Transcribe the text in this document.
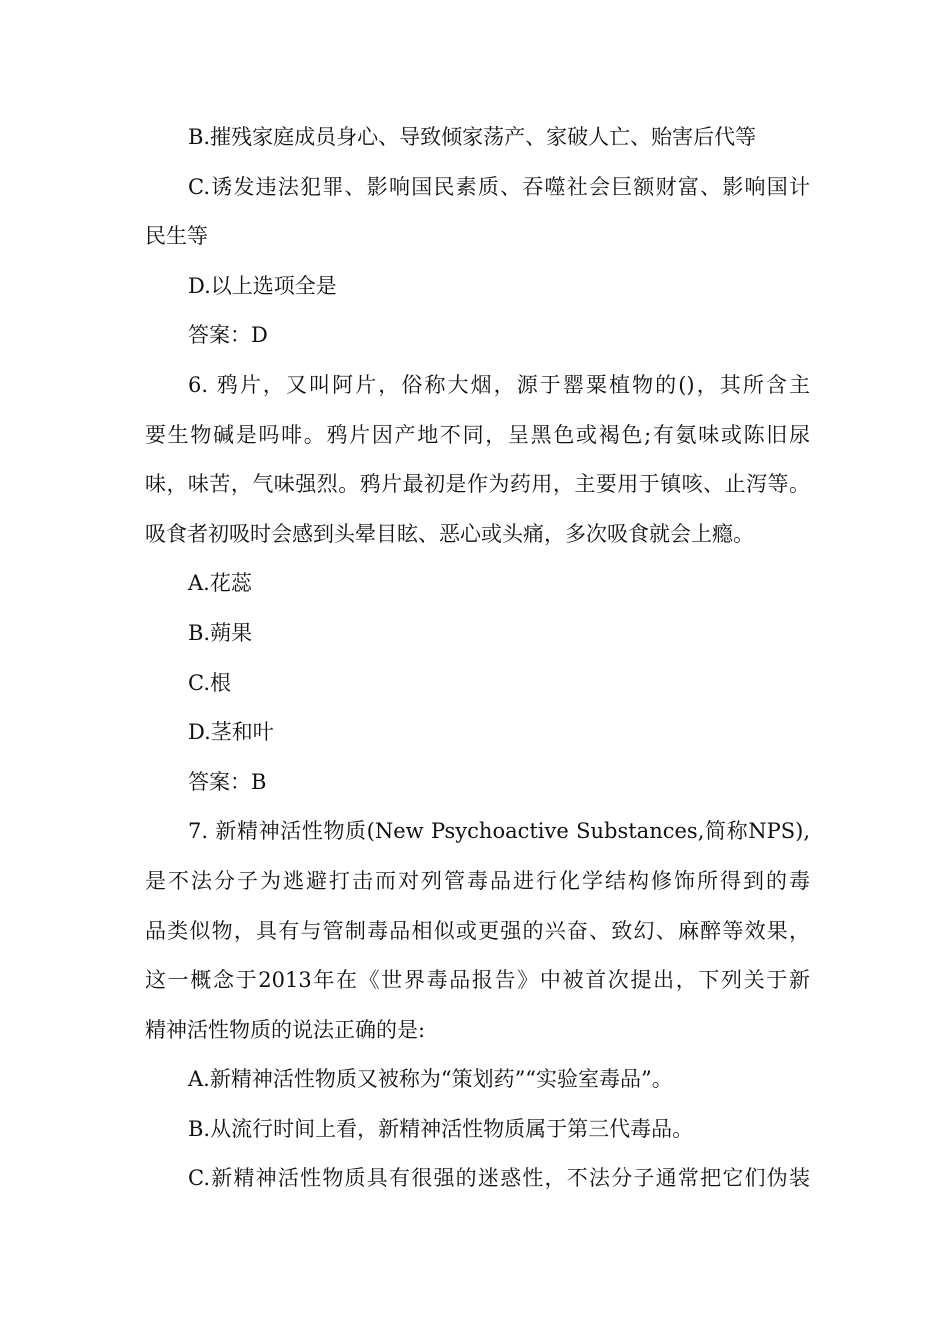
B.摧残家庭成员身心、导致倾家荡产、家破人亡、贻害后代等
C.诱发违法犯罪、影响国民素质、吞噬社会巨额财富、影响国计
民生等
D.以上选项全是
答案：D
6. 鸦片，又叫阿片，俗称大烟，源于罂粟植物的()，其所含主
要生物碱是吗啡。鸦片因产地不同，呈黑色或褐色;有氨味或陈旧尿
味，味苦，气味强烈。鸦片最初是作为药用，主要用于镇咳、止泻等。
吸食者初吸时会感到头晕目眩、恶心或头痛，多次吸食就会上瘾。
A.花蕊
B.蒴果
C.根
D.茎和叶
答案：B
7. 新精神活性物质(New Psychoactive Substances,简称NPS),
是不法分子为逃避打击而对列管毒品进行化学结构修饰所得到的毒
品类似物，具有与管制毒品相似或更强的兴奋、致幻、麻醉等效果，
这一概念于2013年在《世界毒品报告》中被首次提出，下列关于新
精神活性物质的说法正确的是:
A.新精神活性物质又被称为“策划药”“实验室毒品”。
B.从流行时间上看，新精神活性物质属于第三代毒品。
C.新精神活性物质具有很强的迷惑性，不法分子通常把它们伪装
